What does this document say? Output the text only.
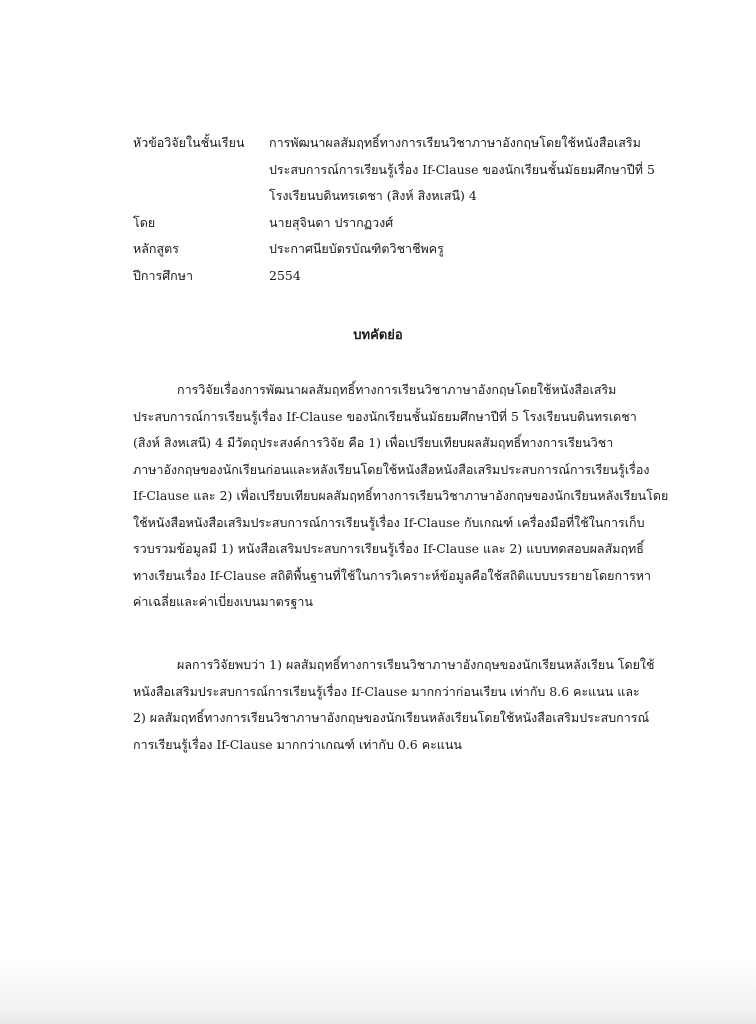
หัวข้อวิจัยในชั้นเรียน	การพัฒนาผลสัมฤทธิ์ทางการเรียนวิชาภาษาอังกฤษโดยใช้หนังสือเสริม
ประสบการณ์การเรียนรู้เรื่อง If-Clause ของนักเรียนชั้นมัธยมศึกษาปีที่ 5
โรงเรียนบดินทรเดชา (สิงห์ สิงหเสนี) 4
โดย	นายสุจินดา ปรากฏวงศ์
หลักสูตร	ประกาศนียบัตรบัณฑิตวิชาชีพครู
ปีการศึกษา	2554
บทคัดย่อ
การวิจัยเรื่องการพัฒนาผลสัมฤทธิ์ทางการเรียนวิชาภาษาอังกฤษโดยใช้หนังสือเสริม
ประสบการณ์การเรียนรู้เรื่อง If-Clause ของนักเรียนชั้นมัธยมศึกษาปีที่ 5 โรงเรียนบดินทรเดชา
(สิงห์ สิงหเสนี) 4 มีวัตถุประสงค์การวิจัย คือ 1) เพื่อเปรียบเทียบผลสัมฤทธิ์ทางการเรียนวิชา
ภาษาอังกฤษของนักเรียนก่อนและหลังเรียนโดยใช้หนังสือหนังสือเสริมประสบการณ์การเรียนรู้เรื่อง
If-Clause และ 2) เพื่อเปรียบเทียบผลสัมฤทธิ์ทางการเรียนวิชาภาษาอังกฤษของนักเรียนหลังเรียนโดย
ใช้หนังสือหนังสือเสริมประสบการณ์การเรียนรู้เรื่อง If-Clause กับเกณฑ์ เครื่องมือที่ใช้ในการเก็บ
รวบรวมข้อมูลมี 1) หนังสือเสริมประสบการเรียนรู้เรื่อง If-Clause และ 2) แบบทดสอบผลสัมฤทธิ์
ทางเรียนเรื่อง If-Clause สถิติพื้นฐานที่ใช้ในการวิเคราะห์ข้อมูลคือใช้สถิติแบบบรรยายโดยการหา
ค่าเฉลี่ยและค่าเบี่ยงเบนมาตรฐาน
ผลการวิจัยพบว่า 1) ผลสัมฤทธิ์ทางการเรียนวิชาภาษาอังกฤษของนักเรียนหลังเรียน โดยใช้
หนังสือเสริมประสบการณ์การเรียนรู้เรื่อง If-Clause มากกว่าก่อนเรียน เท่ากับ 8.6 คะแนน และ
2) ผลสัมฤทธิ์ทางการเรียนวิชาภาษาอังกฤษของนักเรียนหลังเรียนโดยใช้หนังสือเสริมประสบการณ์
การเรียนรู้เรื่อง If-Clause มากกว่าเกณฑ์ เท่ากับ 0.6 คะแนน
